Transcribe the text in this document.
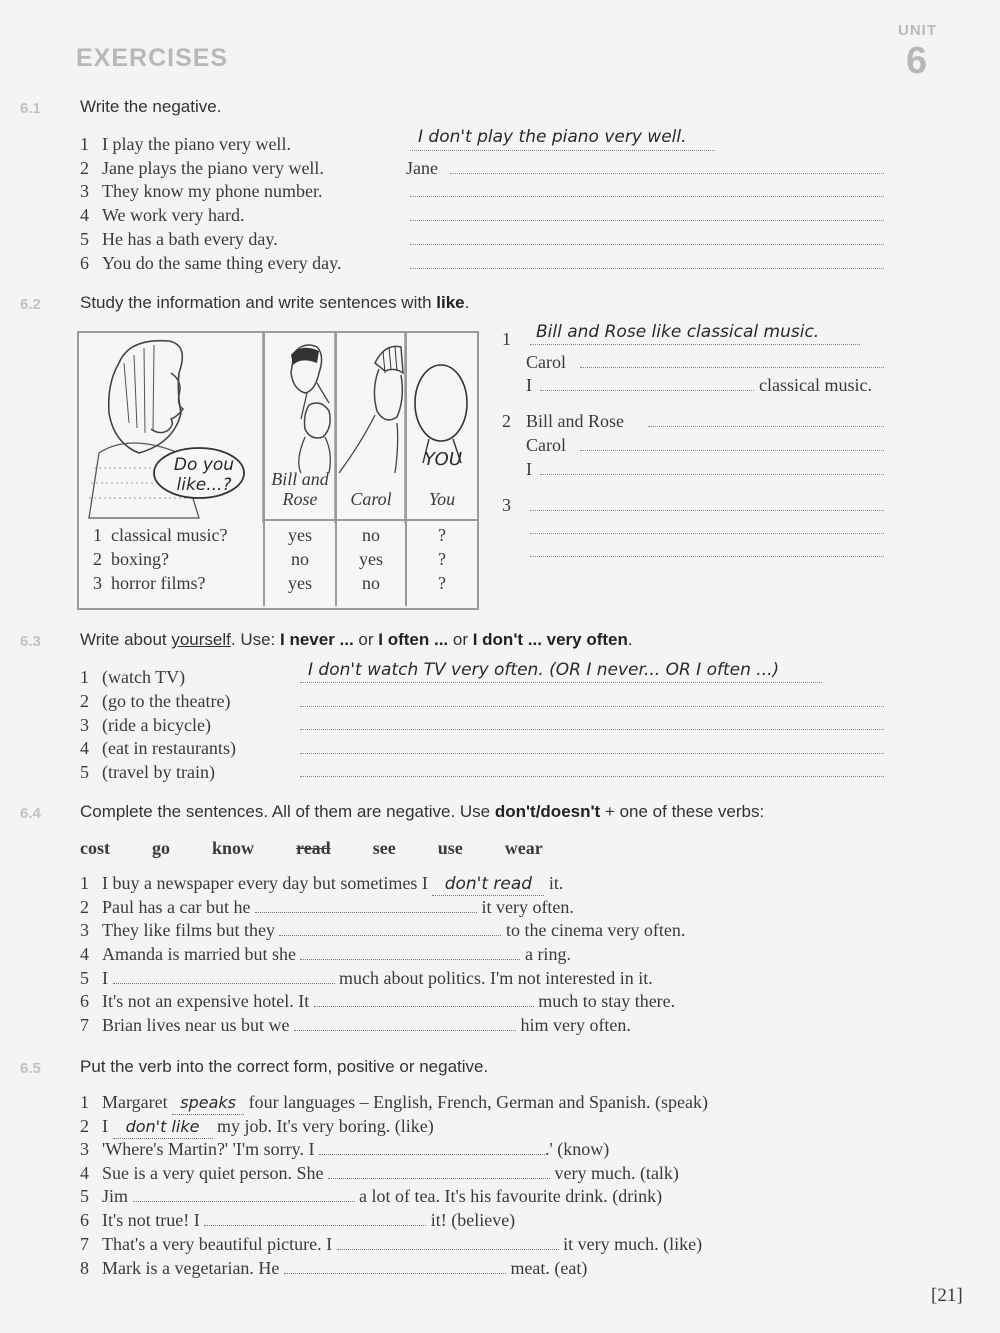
EXERCISES
UNIT
6
6.1 Write the negative.
1 I play the piano very well.
2 Jane plays the piano very well.
3 They know my phone number.
4 We work very hard.
5 He has a bath every day.
6 You do the same thing every day.
I don't play the piano very well.
Jane
6.2 Study the information and write sentences with like.
Do you like...?
YOU
Bill and Rose	Carol	You
1 classical music?
2 boxing?
3 horror films?
yes	no	?
no	yes	?
yes	no	?
1 Bill and Rose like classical music.
Carol
I	classical music.
2 Bill and Rose
Carol
I
3
6.3 Write about yourself. Use: I never ... or I often ... or I don't ... very often.
1 (watch TV)
2 (go to the theatre)
3 (ride a bicycle)
4 (eat in restaurants)
5 (travel by train)
I don't watch TV very often. (OR I never... OR I often ...)
6.4 Complete the sentences. All of them are negative. Use don't/doesn't + one of these verbs:
cost go know read see use wear
1 I buy a newspaper every day but sometimes I don't read it.
2 Paul has a car but he	it very often.
3 They like films but they	to the cinema very often.
4 Amanda is married but she	a ring.
5 I	much about politics. I'm not interested in it.
6 It's not an expensive hotel. It	much to stay there.
7 Brian lives near us but we	him very often.
6.5 Put the verb into the correct form, positive or negative.
1 Margaret speaks four languages – English, French, German and Spanish. (speak)
2 I don't like my job. It's very boring. (like)
3 'Where's Martin?' 'I'm sorry. I	.' (know)
4 Sue is a very quiet person. She	very much. (talk)
5 Jim	a lot of tea. It's his favourite drink. (drink)
6 It's not true! I	it! (believe)
7 That's a very beautiful picture. I	it very much. (like)
8 Mark is a vegetarian. He	meat. (eat)
[21]
